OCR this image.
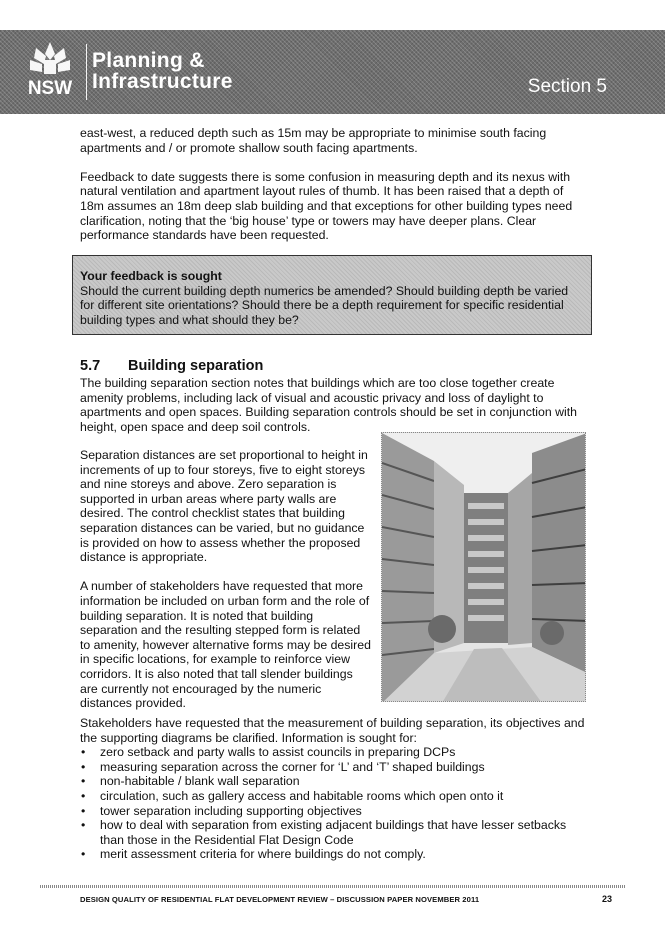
NSW
Planning &
Infrastructure	Section 5

east-west, a reduced depth such as 15m may be appropriate to minimise south facing apartments and / or promote shallow south facing apartments.

Feedback to date suggests there is some confusion in measuring depth and its nexus with natural ventilation and apartment layout rules of thumb. It has been raised that a depth of 18m assumes an 18m deep slab building and that exceptions for other building types need clarification, noting that the ‘big house’ type or towers may have deeper plans. Clear performance standards have been requested.

Your feedback is sought
Should the current building depth numerics be amended? Should building depth be varied for different site orientations? Should there be a depth requirement for specific residential building types and what should they be?
5.7 Building separation

The building separation section notes that buildings which are too close together create amenity problems, including lack of visual and acoustic privacy and loss of daylight to apartments and open spaces. Building separation controls should be set in conjunction with height, open space and deep soil controls.

Separation distances are set proportional to height in increments of up to four storeys, five to eight storeys and nine storeys and above. Zero separation is supported in urban areas where party walls are desired. The control checklist states that building separation distances can be varied, but no guidance is provided on how to assess whether the proposed distance is appropriate.

A number of stakeholders have requested that more information be included on urban form and the role of building separation. It is noted that building separation and the resulting stepped form is related to amenity, however alternative forms may be desired in specific locations, for example to reinforce view corridors. It is also noted that tall slender buildings are currently not encouraged by the numeric distances provided.

Stakeholders have requested that the measurement of building separation, its objectives and the supporting diagrams be clarified. Information is sought for:

• zero setback and party walls to assist councils in preparing DCPs
• measuring separation across the corner for ‘L’ and ‘T’ shaped buildings
• non-habitable / blank wall separation
• circulation, such as gallery access and habitable rooms which open onto it
• tower separation including supporting objectives
• how to deal with separation from existing adjacent buildings that have lesser setbacks than those in the Residential Flat Design Code
• merit assessment criteria for where buildings do not comply.
DESIGN QUALITY OF RESIDENTIAL FLAT DEVELOPMENT REVIEW – DISCUSSION PAPER NOVEMBER 2011	23
